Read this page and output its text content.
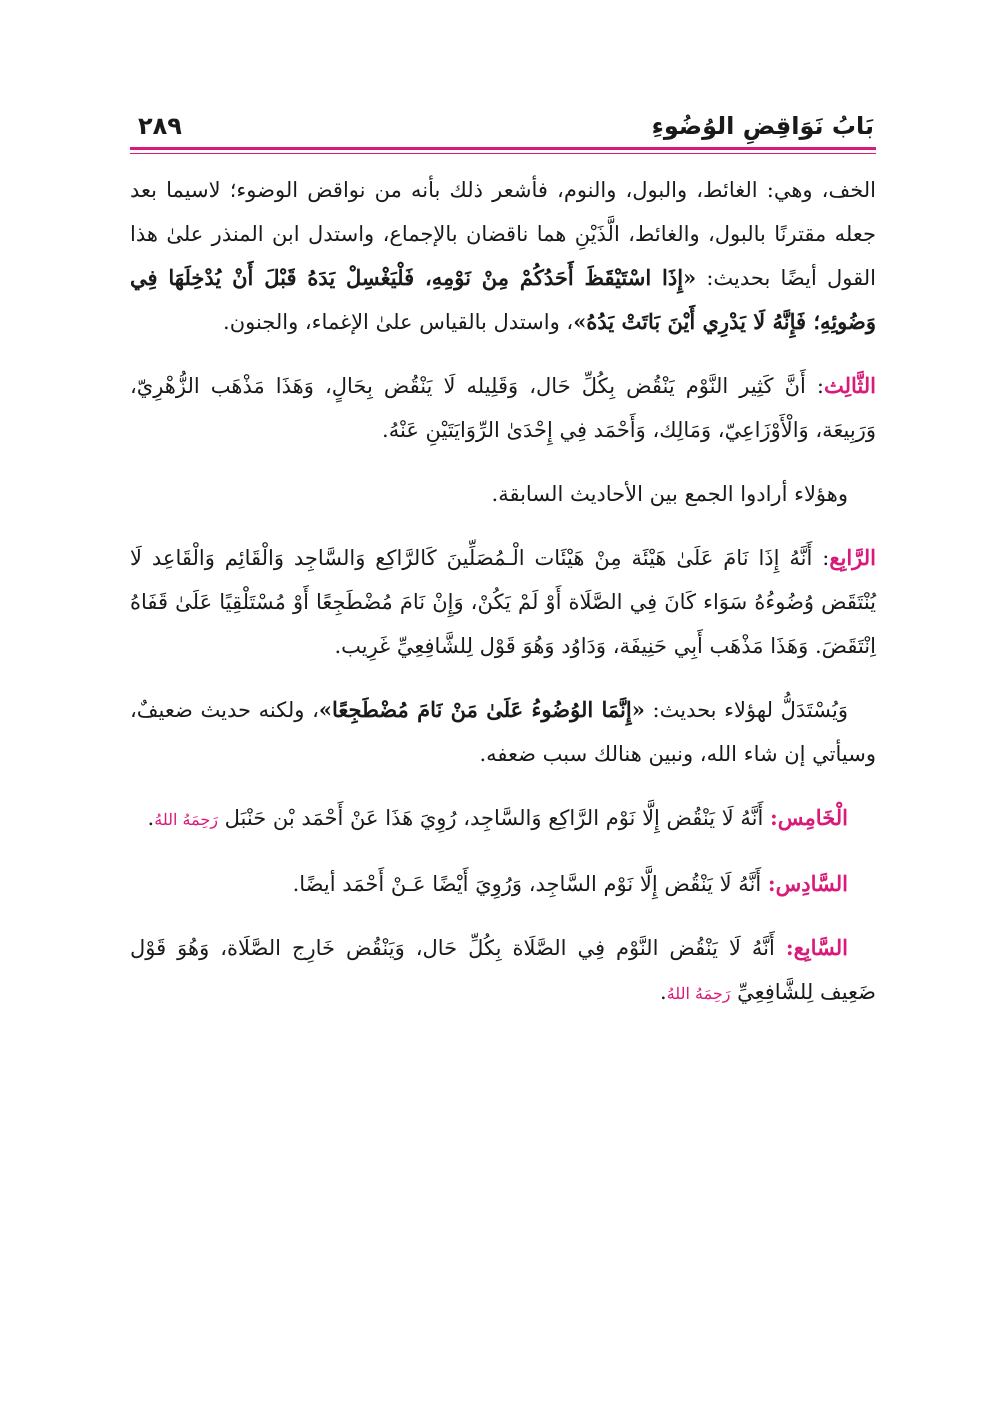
٢٨٩	بَابُ نَوَاقِضِ الوُضُوءِ

الخف، وهي: الغائط، والبول، والنوم، فأشعر ذلك بأنه من نواقض الوضوء؛ لاسيما بعد جعله مقترنًا بالبول، والغائط، الَّذَيْنِ هما ناقضان بالإجماع، واستدل ابن المنذر علىٰ هذا القول أيضًا بحديث: «إِذَا اسْتَيْقَظَ أَحَدُكُمْ مِنْ نَوْمِهِ، فَلْيَغْسِلْ يَدَهُ قَبْلَ أَنْ يُدْخِلَهَا فِي وَضُوئِهِ؛ فَإِنَّهُ لَا يَدْرِي أَيْنَ بَاتَتْ يَدُهُ»، واستدل بالقياس علىٰ الإغماء، والجنون.

الثَّالِث: أَنَّ كَثِير النَّوْم يَنْقُض بِكُلِّ حَال، وَقَلِيله لَا يَنْقُض بِحَالٍ، وَهَذَا مَذْهَب الزُّهْرِيّ، وَرَبِيعَة، وَالْأَوْزَاعِيّ، وَمَالِك، وَأَحْمَد فِي إِحْدَىٰ الرِّوَايَتَيْنِ عَنْهُ.

وهؤلاء أرادوا الجمع بين الأحاديث السابقة.

الرَّابِع: أَنَّهُ إِذَا نَامَ عَلَىٰ هَيْئَة مِنْ هَيْئَات الْـمُصَلِّينَ كَالرَّاكِع وَالسَّاجِد وَالْقَائِم وَالْقَاعِد لَا يُنْتَقَض وُضُوءُهُ سَوَاء كَانَ فِي الصَّلَاة أَوْ لَمْ يَكُنْ، وَإِنْ نَامَ مُضْطَجِعًا أَوْ مُسْتَلْقِيًا عَلَىٰ قَفَاهُ اِنْتَقَضَ. وَهَذَا مَذْهَب أَبِي حَنِيفَة، وَدَاوُد وَهُوَ قَوْل لِلشَّافِعِيِّ غَرِيب.

وَيُسْتَدَلُّ لهؤلاء بحديث: «إِنَّمَا الوُضُوءُ عَلَىٰ مَنْ نَامَ مُضْطَجِعًا»، ولكنه حديث ضعيفٌ، وسيأتي إن شاء الله، ونبين هنالك سبب ضعفه.

الْخَامِس: أَنَّهُ لَا يَنْقُض إِلَّا نَوْم الرَّاكِع وَالسَّاجِد، رُوِيَ هَذَا عَنْ أَحْمَد بْن حَنْبَل رَحِمَهُ اللهُ.

السَّادِس: أَنَّهُ لَا يَنْقُض إِلَّا نَوْم السَّاجِد، وَرُوِيَ أَيْضًا عَـنْ أَحْمَد أيضًا.

السَّابِع: أَنَّهُ لَا يَنْقُض النَّوْم فِي الصَّلَاة بِكُلِّ حَال، وَيَنْقُض خَارِج الصَّلَاة، وَهُوَ قَوْل ضَعِيف لِلشَّافِعِيِّ رَحِمَهُ اللهُ.
